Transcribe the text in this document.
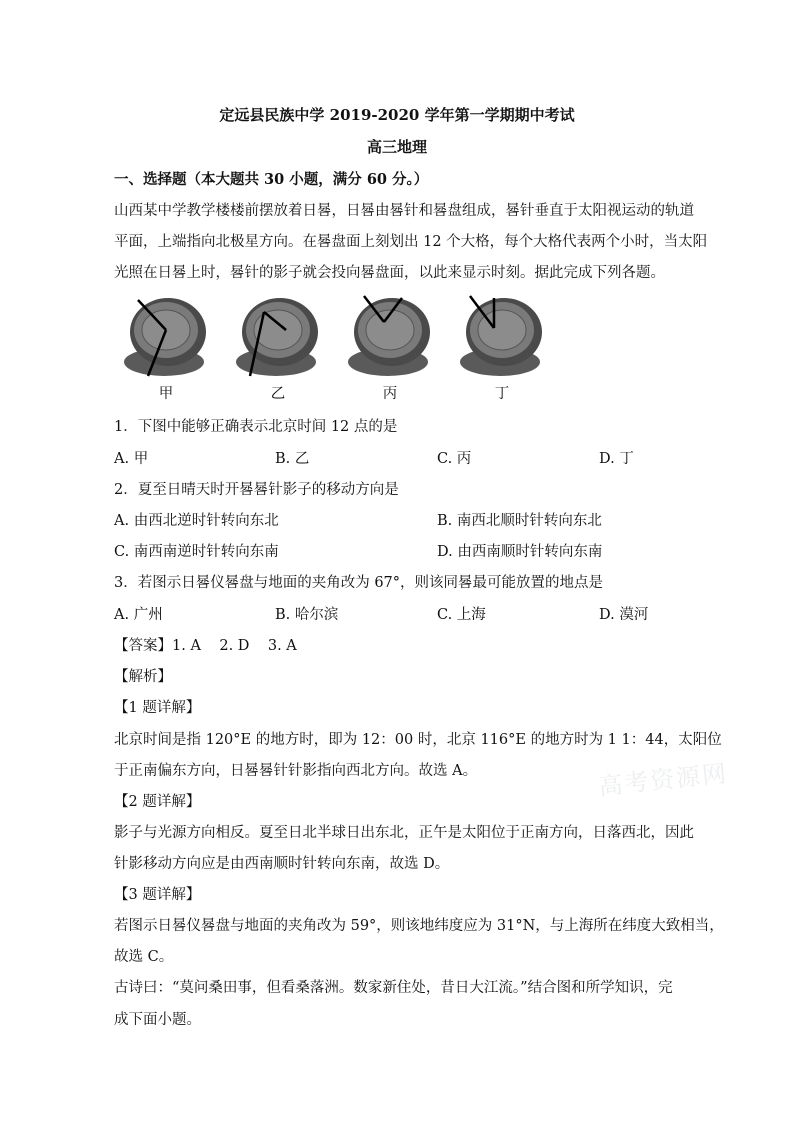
定远县民族中学 2019-2020 学年第一学期期中考试
高三地理
一、选择题（本大题共 30 小题，满分 60 分。）
山西某中学教学楼楼前摆放着日晷，日晷由晷针和晷盘组成，晷针垂直于太阳视运动的轨道
平面，上端指向北极星方向。在晷盘面上刻划出 12 个大格，每个大格代表两个小时，当太阳
光照在日晷上时，晷针的影子就会投向晷盘面，以此来显示时刻。据此完成下列各题。
甲	乙	丙	丁
1．下图中能够正确表示北京时间 12 点的是
A. 甲	B. 乙	C. 丙	D. 丁
2．夏至日晴天时开晷晷针影子的移动方向是
A. 由西北逆时针转向东北	B. 南西北顺时针转向东北
C. 南西南逆时针转向东南	D. 由西南顺时针转向东南
3．若图示日晷仪晷盘与地面的夹角改为 67°，则该同晷最可能放置的地点是
A. 广州	B. 哈尔滨	C. 上海	D. 漠河
【答案】1. A    2. D    3. A
【解析】
【1 题详解】
北京时间是指 120°E 的地方时，即为 12：00 时，北京 116°E 的地方时为 1 1：44，太阳位
于正南偏东方向，日晷晷针针影指向西北方向。故选 A。
【2 题详解】
影子与光源方向相反。夏至日北半球日出东北，正午是太阳位于正南方向，日落西北，因此
针影移动方向应是由西南顺时针转向东南，故选 D。
【3 题详解】
若图示日晷仪晷盘与地面的夹角改为 59°，则该地纬度应为 31°N，与上海所在纬度大致相当，
故选 C。
古诗曰：“莫问桑田事，但看桑落洲。数家新住处，昔日大江流。”结合图和所学知识，完
成下面小题。
高考资源网
